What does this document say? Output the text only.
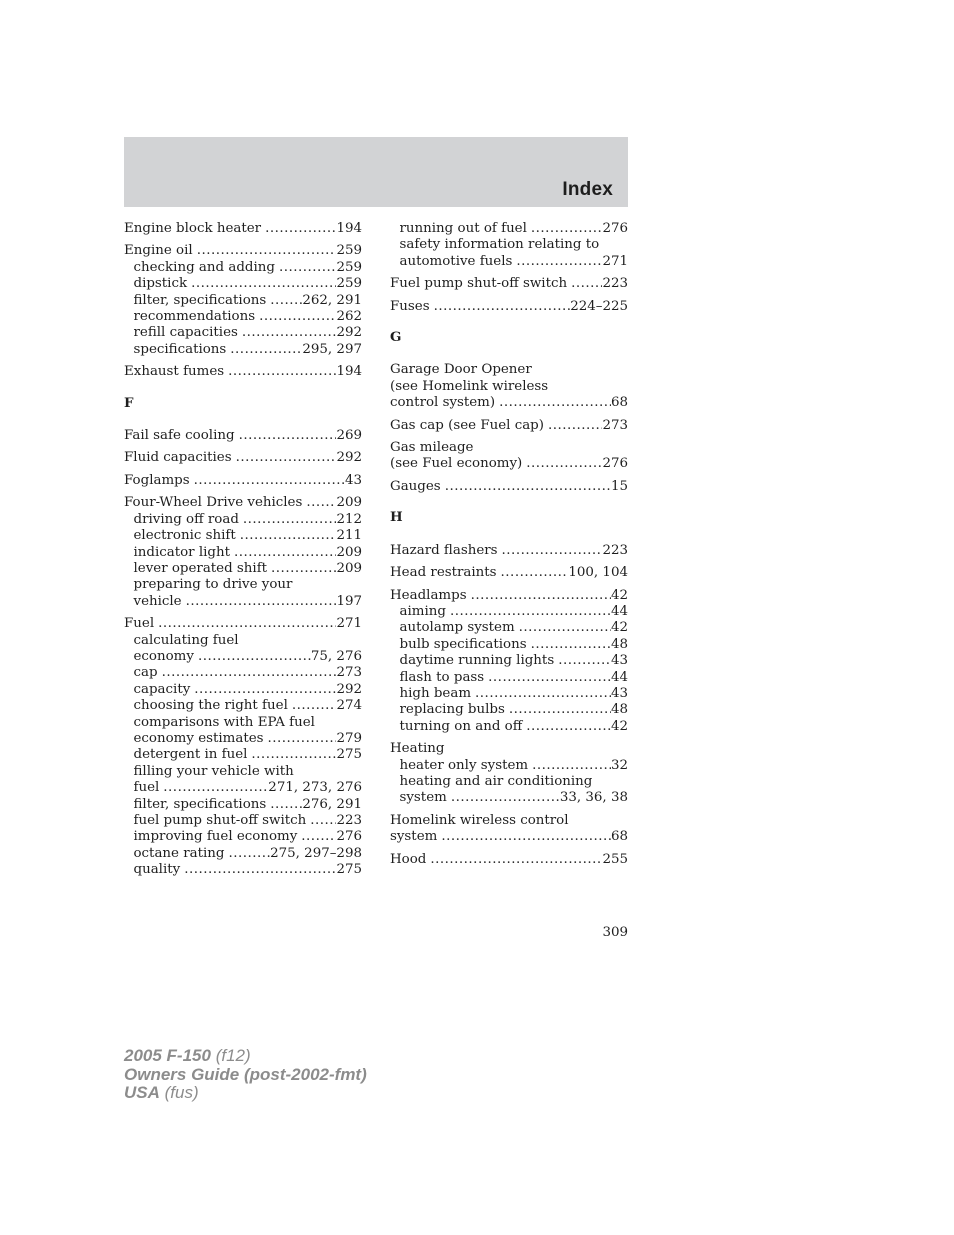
Index
Engine block heater .....	194
Engine oil .....	259
checking and adding .....	259
dipstick .....	259
filter, specifications .....	262, 291
recommendations .....	262
refill capacities .....	292
specifications .....	295, 297
Exhaust fumes .....	194
F
Fail safe cooling .....	269
Fluid capacities .....	292
Foglamps .....	43
Four-Wheel Drive vehicles .....	209
driving off road .....	212
electronic shift .....	211
indicator light .....	209
lever operated shift .....	209
preparing to drive your
vehicle .....	197
Fuel .....	271
calculating fuel
economy .....	75, 276
cap .....	273
capacity .....	292
choosing the right fuel .....	274
comparisons with EPA fuel
economy estimates .....	279
detergent in fuel .....	275
filling your vehicle with
fuel .....	271, 273, 276
filter, specifications .....	276, 291
fuel pump shut-off switch ..... 223
improving fuel economy .....	276
octane rating .....	275, 297–298
quality .....	275
running out of fuel .....	276
safety information relating to
automotive fuels .....	271
Fuel pump shut-off switch .....	223
Fuses .....	224–225
G
Garage Door Opener
(see Homelink wireless
control system) .....	68
Gas cap (see Fuel cap) .....	273
Gas mileage
(see Fuel economy) .....	276
Gauges .....	15
H
Hazard flashers .....	223
Head restraints .....	100, 104
Headlamps .....	42
aiming .....	44
autolamp system .....	42
bulb specifications .....	48
daytime running lights .....	43
flash to pass .....	44
high beam .....	43
replacing bulbs .....	48
turning on and off .....	42
Heating
heater only system .....	32
heating and air conditioning
system .....	33, 36, 38
Homelink wireless control
system .....	68
Hood .....	255
309
2005 F-150 (f12)
Owners Guide (post-2002-fmt)
USA (fus)
